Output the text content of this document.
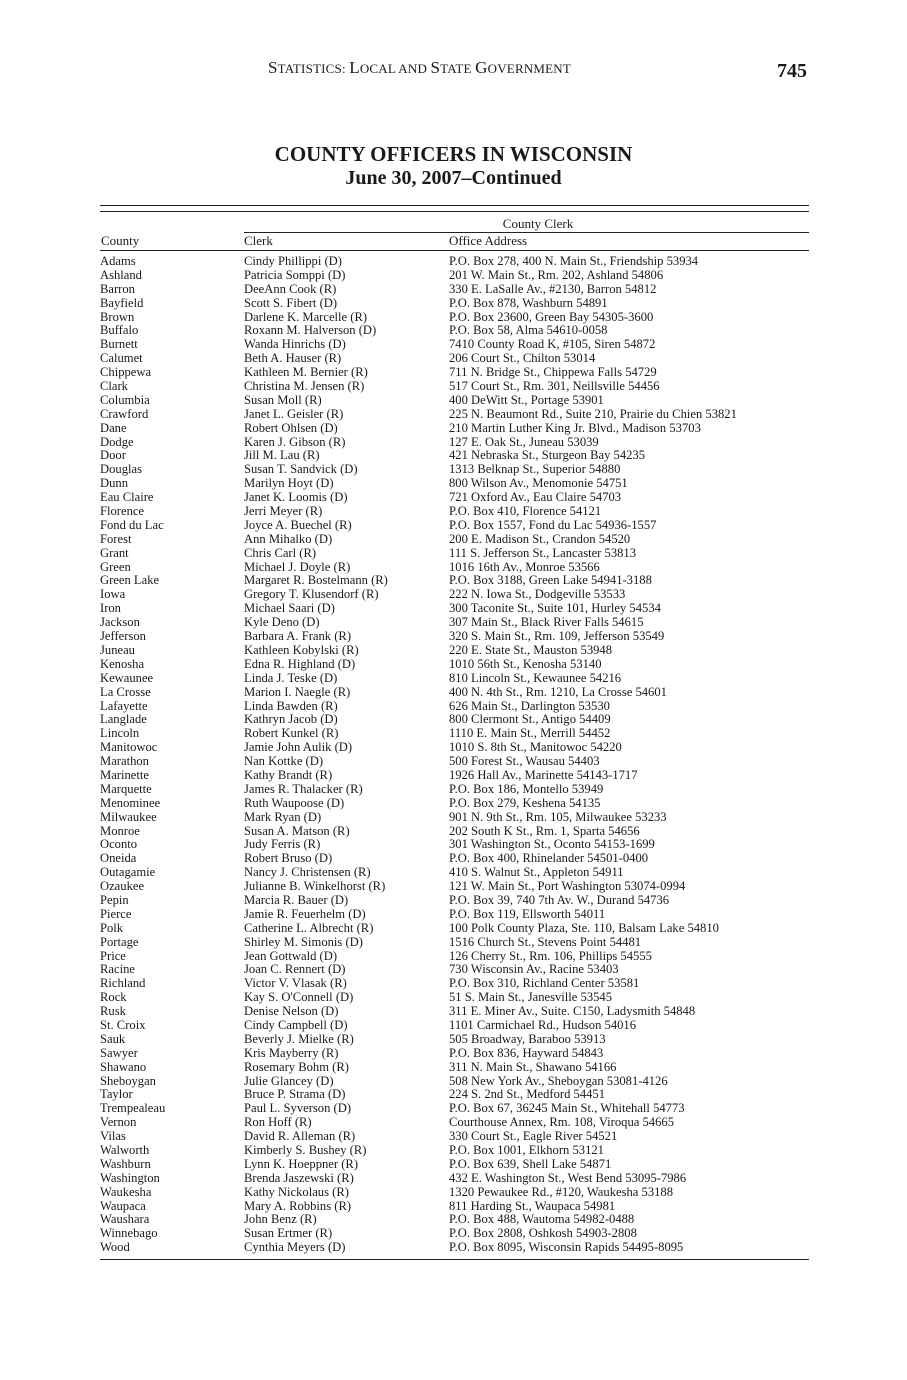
STATISTICS: LOCAL AND STATE GOVERNMENT	745
COUNTY OFFICERS IN WISCONSIN
June 30, 2007–Continued
County Clerk
County	Clerk	Office Address
Adams . . .	Cindy Phillippi (D)	P.O. Box 278, 400 N. Main St., Friendship 53934
Ashland . . .	Patricia Somppi (D)	201 W. Main St., Rm. 202, Ashland 54806
Barron . . .	DeeAnn Cook (R)	330 E. LaSalle Av., #2130, Barron 54812
Bayfield . . .	Scott S. Fibert (D)	P.O. Box 878, Washburn 54891
Brown . . .	Darlene K. Marcelle (R)	P.O. Box 23600, Green Bay 54305-3600
Buffalo . . .	Roxann M. Halverson (D)	P.O. Box 58, Alma 54610-0058
Burnett . . .	Wanda Hinrichs (D)	7410 County Road K, #105, Siren 54872
Calumet . . .	Beth A. Hauser (R)	206 Court St., Chilton 53014
Chippewa . . .	Kathleen M. Bernier (R)	711 N. Bridge St., Chippewa Falls 54729
Clark . . .	Christina M. Jensen (R)	517 Court St., Rm. 301, Neillsville 54456
Columbia . . .	Susan Moll (R)	400 DeWitt St., Portage 53901
Crawford . . .	Janet L. Geisler (R)	225 N. Beaumont Rd., Suite 210, Prairie du Chien 53821
Dane . . .	Robert Ohlsen (D)	210 Martin Luther King Jr. Blvd., Madison 53703
Dodge . . .	Karen J. Gibson (R)	127 E. Oak St., Juneau 53039
Door . . .	Jill M. Lau (R)	421 Nebraska St., Sturgeon Bay 54235
Douglas . . .	Susan T. Sandvick (D)	1313 Belknap St., Superior 54880
Dunn . . .	Marilyn Hoyt (D)	800 Wilson Av., Menomonie 54751
Eau Claire . . .	Janet K. Loomis (D)	721 Oxford Av., Eau Claire 54703
Florence . . .	Jerri Meyer (R)	P.O. Box 410, Florence 54121
Fond du Lac . . .	Joyce A. Buechel (R)	P.O. Box 1557, Fond du Lac 54936-1557
Forest . . .	Ann Mihalko (D)	200 E. Madison St., Crandon 54520
Grant . . .	Chris Carl (R)	111 S. Jefferson St., Lancaster 53813
Green . . .	Michael J. Doyle (R)	1016 16th Av., Monroe 53566
Green Lake . . .	Margaret R. Bostelmann (R)	P.O. Box 3188, Green Lake 54941-3188
Iowa . . .	Gregory T. Klusendorf (R)	222 N. Iowa St., Dodgeville 53533
Iron . . .	Michael Saari (D)	300 Taconite St., Suite 101, Hurley 54534
Jackson . . .	Kyle Deno (D)	307 Main St., Black River Falls 54615
Jefferson . . .	Barbara A. Frank (R)	320 S. Main St., Rm. 109, Jefferson 53549
Juneau . . .	Kathleen Kobylski (R)	220 E. State St., Mauston 53948
Kenosha . . .	Edna R. Highland (D)	1010 56th St., Kenosha 53140
Kewaunee . . .	Linda J. Teske (D)	810 Lincoln St., Kewaunee 54216
La Crosse . . .	Marion I. Naegle (R)	400 N. 4th St., Rm. 1210, La Crosse 54601
Lafayette . . .	Linda Bawden (R)	626 Main St., Darlington 53530
Langlade . . .	Kathryn Jacob (D)	800 Clermont St., Antigo 54409
Lincoln . . .	Robert Kunkel (R)	1110 E. Main St., Merrill 54452
Manitowoc . . .	Jamie John Aulik (D)	1010 S. 8th St., Manitowoc 54220
Marathon . . .	Nan Kottke (D)	500 Forest St., Wausau 54403
Marinette . . .	Kathy Brandt (R)	1926 Hall Av., Marinette 54143-1717
Marquette . . .	James R. Thalacker (R)	P.O. Box 186, Montello 53949
Menominee . . .	Ruth Waupoose (D)	P.O. Box 279, Keshena 54135
Milwaukee . . .	Mark Ryan (D)	901 N. 9th St., Rm. 105, Milwaukee 53233
Monroe . . .	Susan A. Matson (R)	202 South K St., Rm. 1, Sparta 54656
Oconto . . .	Judy Ferris (R)	301 Washington St., Oconto 54153-1699
Oneida . . .	Robert Bruso (D)	P.O. Box 400, Rhinelander 54501-0400
Outagamie . . .	Nancy J. Christensen (R)	410 S. Walnut St., Appleton 54911
Ozaukee . . .	Julianne B. Winkelhorst (R)	121 W. Main St., Port Washington 53074-0994
Pepin . . .	Marcia R. Bauer (D)	P.O. Box 39, 740 7th Av. W., Durand 54736
Pierce . . .	Jamie R. Feuerhelm (D)	P.O. Box 119, Ellsworth 54011
Polk . . .	Catherine L. Albrecht (R)	100 Polk County Plaza, Ste. 110, Balsam Lake 54810
Portage . . .	Shirley M. Simonis (D)	1516 Church St., Stevens Point 54481
Price . . .	Jean Gottwald (D)	126 Cherry St., Rm. 106, Phillips 54555
Racine . . .	Joan C. Rennert (D)	730 Wisconsin Av., Racine 53403
Richland . . .	Victor V. Vlasak (R)	P.O. Box 310, Richland Center 53581
Rock . . .	Kay S. O'Connell (D)	51 S. Main St., Janesville 53545
Rusk . . .	Denise Nelson (D)	311 E. Miner Av., Suite. C150, Ladysmith 54848
St. Croix . . .	Cindy Campbell (D)	1101 Carmichael Rd., Hudson 54016
Sauk . . .	Beverly J. Mielke (R)	505 Broadway, Baraboo 53913
Sawyer . . .	Kris Mayberry (R)	P.O. Box 836, Hayward 54843
Shawano . . .	Rosemary Bohm (R)	311 N. Main St., Shawano 54166
Sheboygan . . .	Julie Glancey (D)	508 New York Av., Sheboygan 53081-4126
Taylor . . .	Bruce P. Strama (D)	224 S. 2nd St., Medford 54451
Trempealeau . . .	Paul L. Syverson (D)	P.O. Box 67, 36245 Main St., Whitehall 54773
Vernon . . .	Ron Hoff (R)	Courthouse Annex, Rm. 108, Viroqua 54665
Vilas . . .	David R. Alleman (R)	330 Court St., Eagle River 54521
Walworth . . .	Kimberly S. Bushey (R)	P.O. Box 1001, Elkhorn 53121
Washburn . . .	Lynn K. Hoeppner (R)	P.O. Box 639, Shell Lake 54871
Washington . . .	Brenda Jaszewski (R)	432 E. Washington St., West Bend 53095-7986
Waukesha . . .	Kathy Nickolaus (R)	1320 Pewaukee Rd., #120, Waukesha 53188
Waupaca . . .	Mary A. Robbins (R)	811 Harding St., Waupaca 54981
Waushara . . .	John Benz (R)	P.O. Box 488, Wautoma 54982-0488
Winnebago . . .	Susan Ertmer (R)	P.O. Box 2808, Oshkosh 54903-2808
Wood . . .	Cynthia Meyers (D)	P.O. Box 8095, Wisconsin Rapids 54495-8095
